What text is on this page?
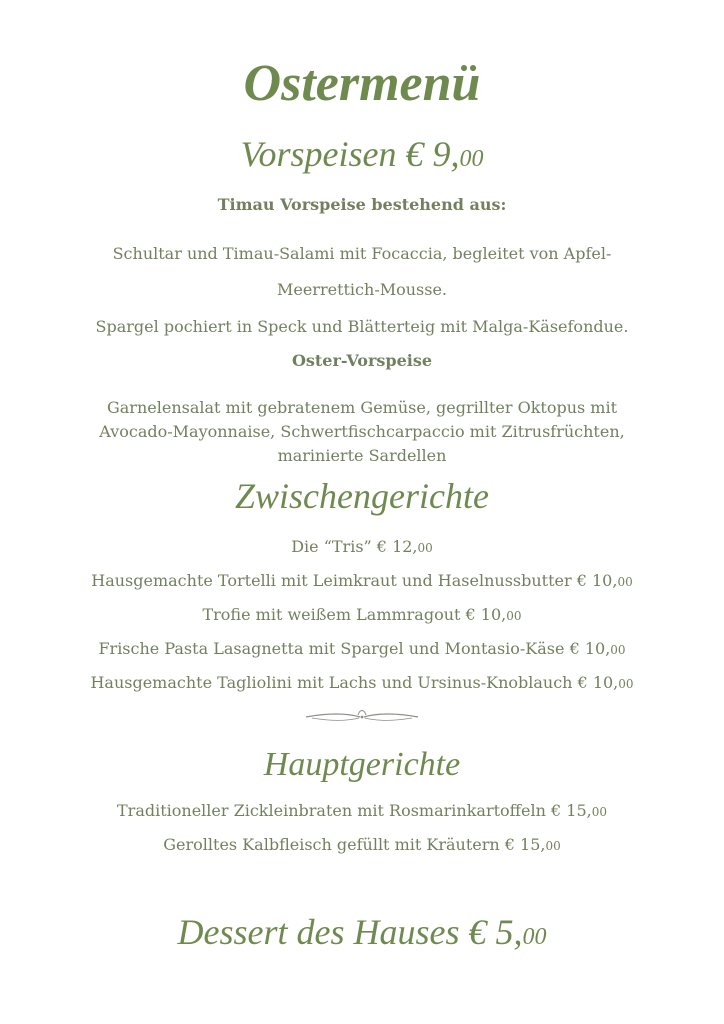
Ostermenü
Vorspeisen € 9,00
Timau Vorspeise bestehend aus:
Schultar und Timau-Salami mit Focaccia, begleitet von Apfel-Meerrettich-Mousse.
Spargel pochiert in Speck und Blätterteig mit Malga-Käsefondue.
Oster-Vorspeise
Garnelensalat mit gebratenem Gemüse, gegrillter Oktopus mit Avocado-Mayonnaise, Schwertfischcarpaccio mit Zitrusfrüchten, marinierte Sardellen
Zwischengerichte
Die “Tris” € 12,00
Hausgemachte Tortelli mit Leimkraut und Haselnussbutter € 10,00
Trofie mit weißem Lammragout € 10,00
Frische Pasta Lasagnetta mit Spargel und Montasio-Käse € 10,00
Hausgemachte Tagliolini mit Lachs und Ursinus-Knoblauch € 10,00
Hauptgerichte
Traditioneller Zickleinbraten mit Rosmarinkartoffeln € 15,00
Gerolltes Kalbfleisch gefüllt mit Kräutern € 15,00
Dessert des Hauses € 5,00
